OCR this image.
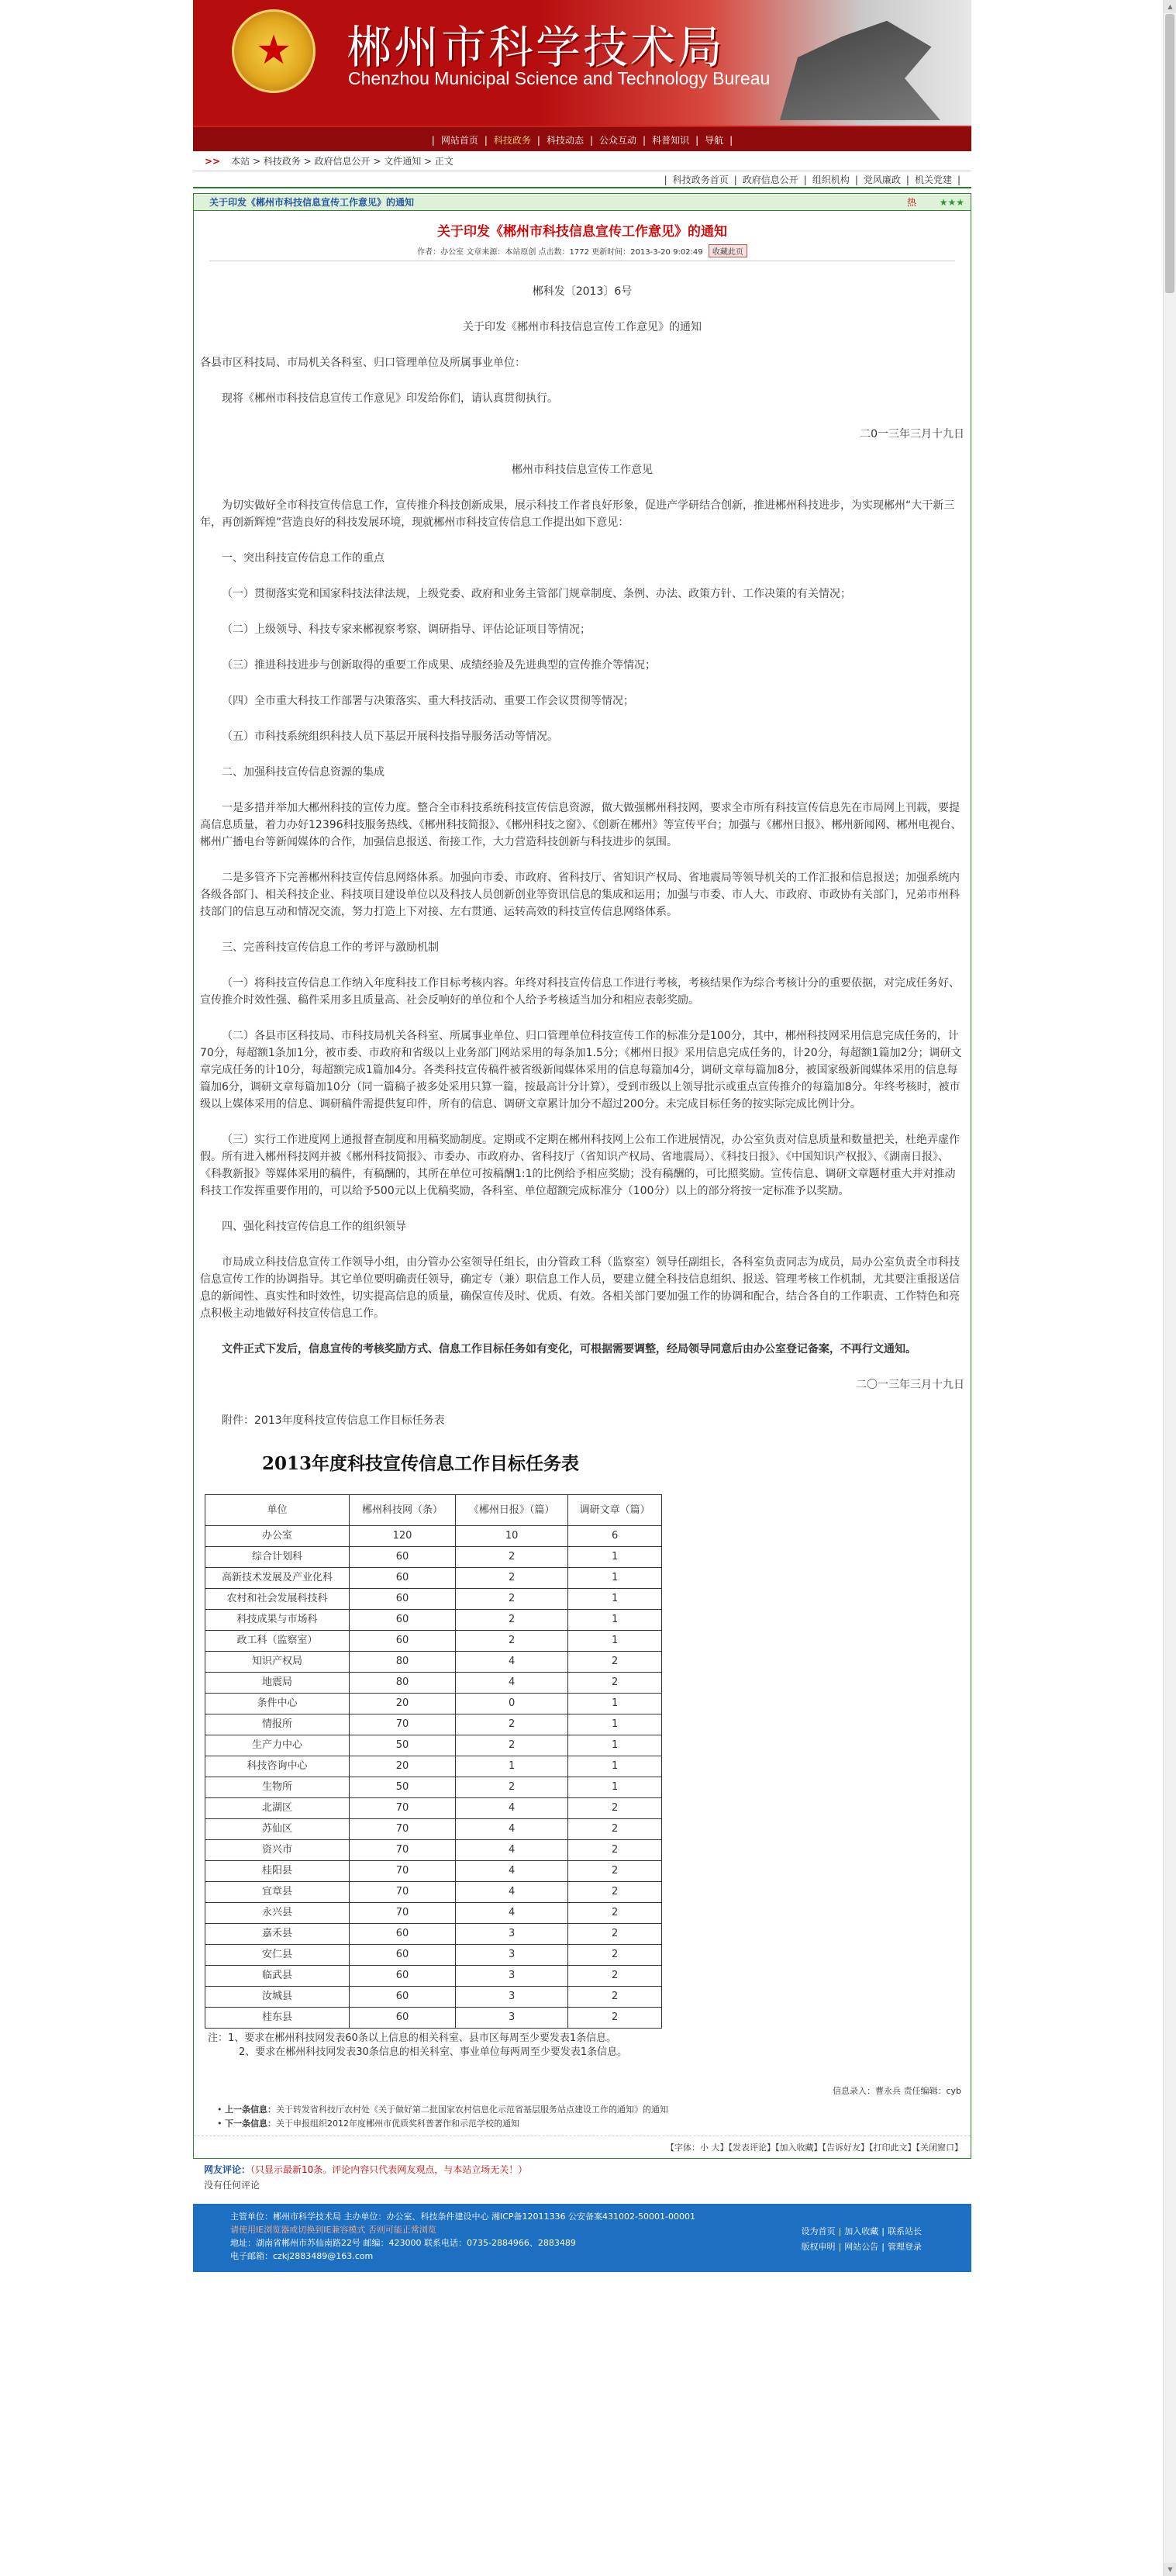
▲
▼
★	郴州市科学技术局
Chenzhou Municipal Science and Technology Bureau
| 网站首页 | 科技政务 | 科技动态 | 公众互动 | 科普知识 | 导航 |
>> 本站 > 科技政务 > 政府信息公开 > 文件通知 > 正文
| 科技政务首页 | 政府信息公开 | 组织机构 | 党风廉政 | 机关党建 |
关于印发《郴州市科技信息宣传工作意见》的通知	热 ★★★
关于印发《郴州市科技信息宣传工作意见》的通知
作者：办公室 文章来源：本站原创 点击数：1772 更新时间：2013-3-20 9:02:49 收藏此页

郴科发〔2013〕6号

关于印发《郴州市科技信息宣传工作意见》的通知

各县市区科技局、市局机关各科室、归口管理单位及所属事业单位：

现将《郴州市科技信息宣传工作意见》印发给你们，请认真贯彻执行。

二0一三年三月十九日

郴州市科技信息宣传工作意见

为切实做好全市科技宣传信息工作，宣传推介科技创新成果，展示科技工作者良好形象，促进产学研结合创新，推进郴州科技进步，为实现郴州“大干新三年，再创新辉煌”营造良好的科技发展环境，现就郴州市科技宣传信息工作提出如下意见：

一、突出科技宣传信息工作的重点

（一）贯彻落实党和国家科技法律法规，上级党委、政府和业务主管部门规章制度、条例、办法、政策方针、工作决策的有关情况；

（二）上级领导、科技专家来郴视察考察、调研指导、评估论证项目等情况；

（三）推进科技进步与创新取得的重要工作成果、成绩经验及先进典型的宣传推介等情况；

（四）全市重大科技工作部署与决策落实、重大科技活动、重要工作会议贯彻等情况；

（五）市科技系统组织科技人员下基层开展科技指导服务活动等情况。

二、加强科技宣传信息资源的集成

一是多措并举加大郴州科技的宣传力度。整合全市科技系统科技宣传信息资源，做大做强郴州科技网，要求全市所有科技宣传信息先在市局网上刊载，要提高信息质量，着力办好12396科技服务热线、《郴州科技简报》、《郴州科技之窗》、《创新在郴州》等宣传平台；加强与《郴州日报》、郴州新闻网、郴州电视台、郴州广播电台等新闻媒体的合作，加强信息报送、衔接工作，大力营造科技创新与科技进步的氛围。

二是多管齐下完善郴州科技宣传信息网络体系。加强向市委、市政府、省科技厅、省知识产权局、省地震局等领导机关的工作汇报和信息报送；加强系统内各级各部门、相关科技企业、科技项目建设单位以及科技人员创新创业等资讯信息的集成和运用；加强与市委、市人大、市政府、市政协有关部门，兄弟市州科技部门的信息互动和情况交流，努力打造上下对接、左右贯通、运转高效的科技宣传信息网络体系。

三、完善科技宣传信息工作的考评与激励机制

（一）将科技宣传信息工作纳入年度科技工作目标考核内容。年终对科技宣传信息工作进行考核，考核结果作为综合考核计分的重要依据，对完成任务好、宣传推介时效性强、稿件采用多且质量高、社会反响好的单位和个人给予考核适当加分和相应表彰奖励。

（二）各县市区科技局、市科技局机关各科室、所属事业单位、归口管理单位科技宣传工作的标准分是100分，其中，郴州科技网采用信息完成任务的，计70分，每超额1条加1分，被市委、市政府和省级以上业务部门网站采用的每条加1.5分；《郴州日报》采用信息完成任务的，计20分，每超额1篇加2分；调研文章完成任务的计10分，每超额完成1篇加4分。各类科技宣传稿件被省级新闻媒体采用的信息每篇加4分，调研文章每篇加8分，被国家级新闻媒体采用的信息每篇加6分，调研文章每篇加10分（同一篇稿子被多处采用只算一篇，按最高计分计算），受到市级以上领导批示或重点宣传推介的每篇加8分。年终考核时，被市级以上媒体采用的信息、调研稿件需提供复印件，所有的信息、调研文章累计加分不超过200分。未完成目标任务的按实际完成比例计分。

（三）实行工作进度网上通报督查制度和用稿奖励制度。定期或不定期在郴州科技网上公布工作进展情况，办公室负责对信息质量和数量把关，杜绝弄虚作假。所有进入郴州科技网并被《郴州科技简报》、市委办、市政府办、省科技厅（省知识产权局、省地震局）、《科技日报》、《中国知识产权报》、《湖南日报》、《科教新报》等媒体采用的稿件，有稿酬的，其所在单位可按稿酬1:1的比例给予相应奖励；没有稿酬的，可比照奖励。宣传信息、调研文章题材重大并对推动科技工作发挥重要作用的，可以给予500元以上优稿奖励，各科室、单位超额完成标准分（100分）以上的部分将按一定标准予以奖励。

四、强化科技宣传信息工作的组织领导

市局成立科技信息宣传工作领导小组，由分管办公室领导任组长，由分管政工科（监察室）领导任副组长，各科室负责同志为成员，局办公室负责全市科技信息宣传工作的协调指导。其它单位要明确责任领导，确定专（兼）职信息工作人员，要建立健全科技信息组织、报送、管理考核工作机制，尤其要注重报送信息的新闻性、真实性和时效性，切实提高信息的质量，确保宣传及时、优质、有效。各相关部门要加强工作的协调和配合，结合各自的工作职责、工作特色和亮点积极主动地做好科技宣传信息工作。

文件正式下发后，信息宣传的考核奖励方式、信息工作目标任务如有变化，可根据需要调整，经局领导同意后由办公室登记备案，不再行文通知。

二〇一三年三月十九日

附件：2013年度科技宣传信息工作目标任务表

2013年度科技宣传信息工作目标任务表
单位	郴州科技网（条）	《郴州日报》（篇）	调研文章（篇）
办公室	120	10	6
综合计划科	60	2	1
高新技术发展及产业化科	60	2	1
农村和社会发展科技科	60	2	1
科技成果与市场科	60	2	1
政工科（监察室）	60	2	1
知识产权局	80	4	2
地震局	80	4	2
条件中心	20	0	1
情报所	70	2	1
生产力中心	50	2	1
科技咨询中心	20	1	1
生物所	50	2	1
北湖区	70	4	2
苏仙区	70	4	2
资兴市	70	4	2
桂阳县	70	4	2
宜章县	70	4	2
永兴县	70	4	2
嘉禾县	60	3	2
安仁县	60	3	2
临武县	60	3	2
汝城县	60	3	2
桂东县	60	3	2
注：1、要求在郴州科技网发表60条以上信息的相关科室、县市区每周至少要发表1条信息。
2、要求在郴州科技网发表30条信息的相关科室、事业单位每两周至少要发表1条信息。
信息录入：曹永兵 责任编辑：cyb
• 上一条信息：关于转发省科技厅农村处《关于做好第二批国家农村信息化示范省基层服务站点建设工作的通知》的通知
• 下一条信息：关于申报组织2012年度郴州市优质奖科普著作和示范学校的通知
【字体：小 大】【发表评论】【加入收藏】【告诉好友】【打印此文】【关闭窗口】
网友评论：（只显示最新10条。评论内容只代表网友观点，与本站立场无关！）
没有任何评论
主管单位：郴州市科学技术局 主办单位：办公室、科技条件建设中心 湘ICP备12011336 公安备案431002-50001-00001
请使用IE浏览器或切换到IE兼容模式 否则可能正常浏览
地址：湖南省郴州市苏仙南路22号 邮编：423000 联系电话：0735-2884966、2883489
电子邮箱：czkj2883489@163.com
设为首页 | 加入收藏 | 联系站长
版权申明 | 网站公告 | 管理登录
